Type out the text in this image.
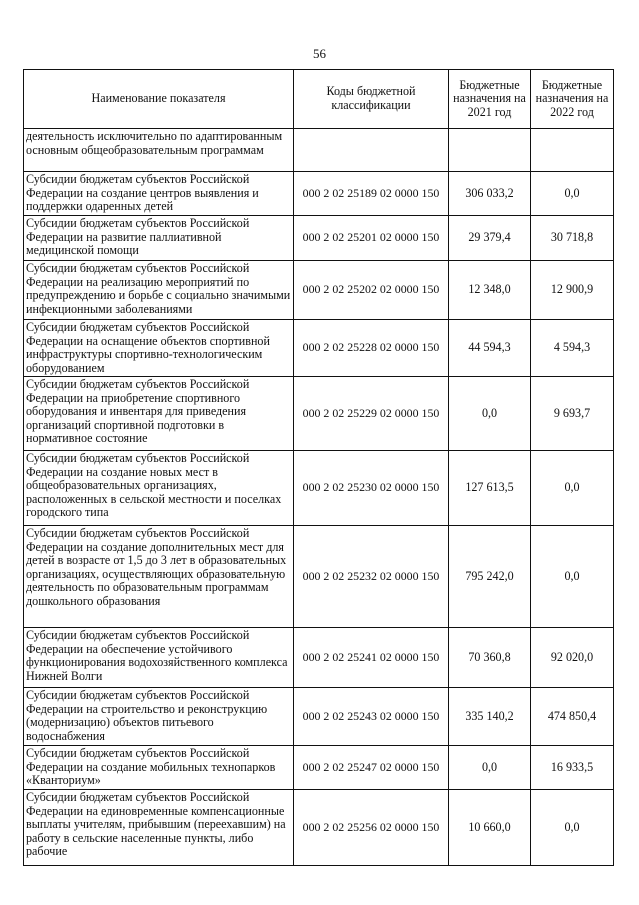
56
Наименование показателя	Коды бюджетной классификации	Бюджетные назначения на 2021 год	Бюджетные назначения на 2022 год
деятельность исключительно по адаптированным основным общеобразовательным программам			
Субсидии бюджетам субъектов Российской Федерации на создание центров выявления и поддержки одаренных детей	000 2 02 25189 02 0000 150	306 033,2	0,0
Субсидии бюджетам субъектов Российской Федерации на развитие паллиативной медицинской помощи	000 2 02 25201 02 0000 150	29 379,4	30 718,8
Субсидии бюджетам субъектов Российской Федерации на реализацию мероприятий по предупреждению и борьбе с социально значимыми инфекционными заболеваниями	000 2 02 25202 02 0000 150	12 348,0	12 900,9
Субсидии бюджетам субъектов Российской Федерации на оснащение объектов спортивной инфраструктуры спортивно-технологическим оборудованием	000 2 02 25228 02 0000 150	44 594,3	4 594,3
Субсидии бюджетам субъектов Российской Федерации на приобретение спортивного оборудования и инвентаря для приведения организаций спортивной подготовки в нормативное состояние	000 2 02 25229 02 0000 150	0,0	9 693,7
Субсидии бюджетам субъектов Российской Федерации на создание новых мест в общеобразовательных организациях, расположенных в сельской местности и поселках городского типа	000 2 02 25230 02 0000 150	127 613,5	0,0
Субсидии бюджетам субъектов Российской Федерации на создание дополнительных мест для детей в возрасте от 1,5 до 3 лет в образовательных организациях, осуществляющих образовательную деятельность по образовательным программам дошкольного образования	000 2 02 25232 02 0000 150	795 242,0	0,0
Субсидии бюджетам субъектов Российской Федерации на обеспечение устойчивого функционирования водохозяйственного комплекса Нижней Волги	000 2 02 25241 02 0000 150	70 360,8	92 020,0
Субсидии бюджетам субъектов Российской Федерации на строительство и реконструкцию (модернизацию) объектов питьевого водоснабжения	000 2 02 25243 02 0000 150	335 140,2	474 850,4
Субсидии бюджетам субъектов Российской Федерации на создание мобильных технопарков «Кванториум»	000 2 02 25247 02 0000 150	0,0	16 933,5
Субсидии бюджетам субъектов Российской Федерации на единовременные компенсационные выплаты учителям, прибывшим (переехавшим) на работу в сельские населенные пункты, либо рабочие	000 2 02 25256 02 0000 150	10 660,0	0,0
